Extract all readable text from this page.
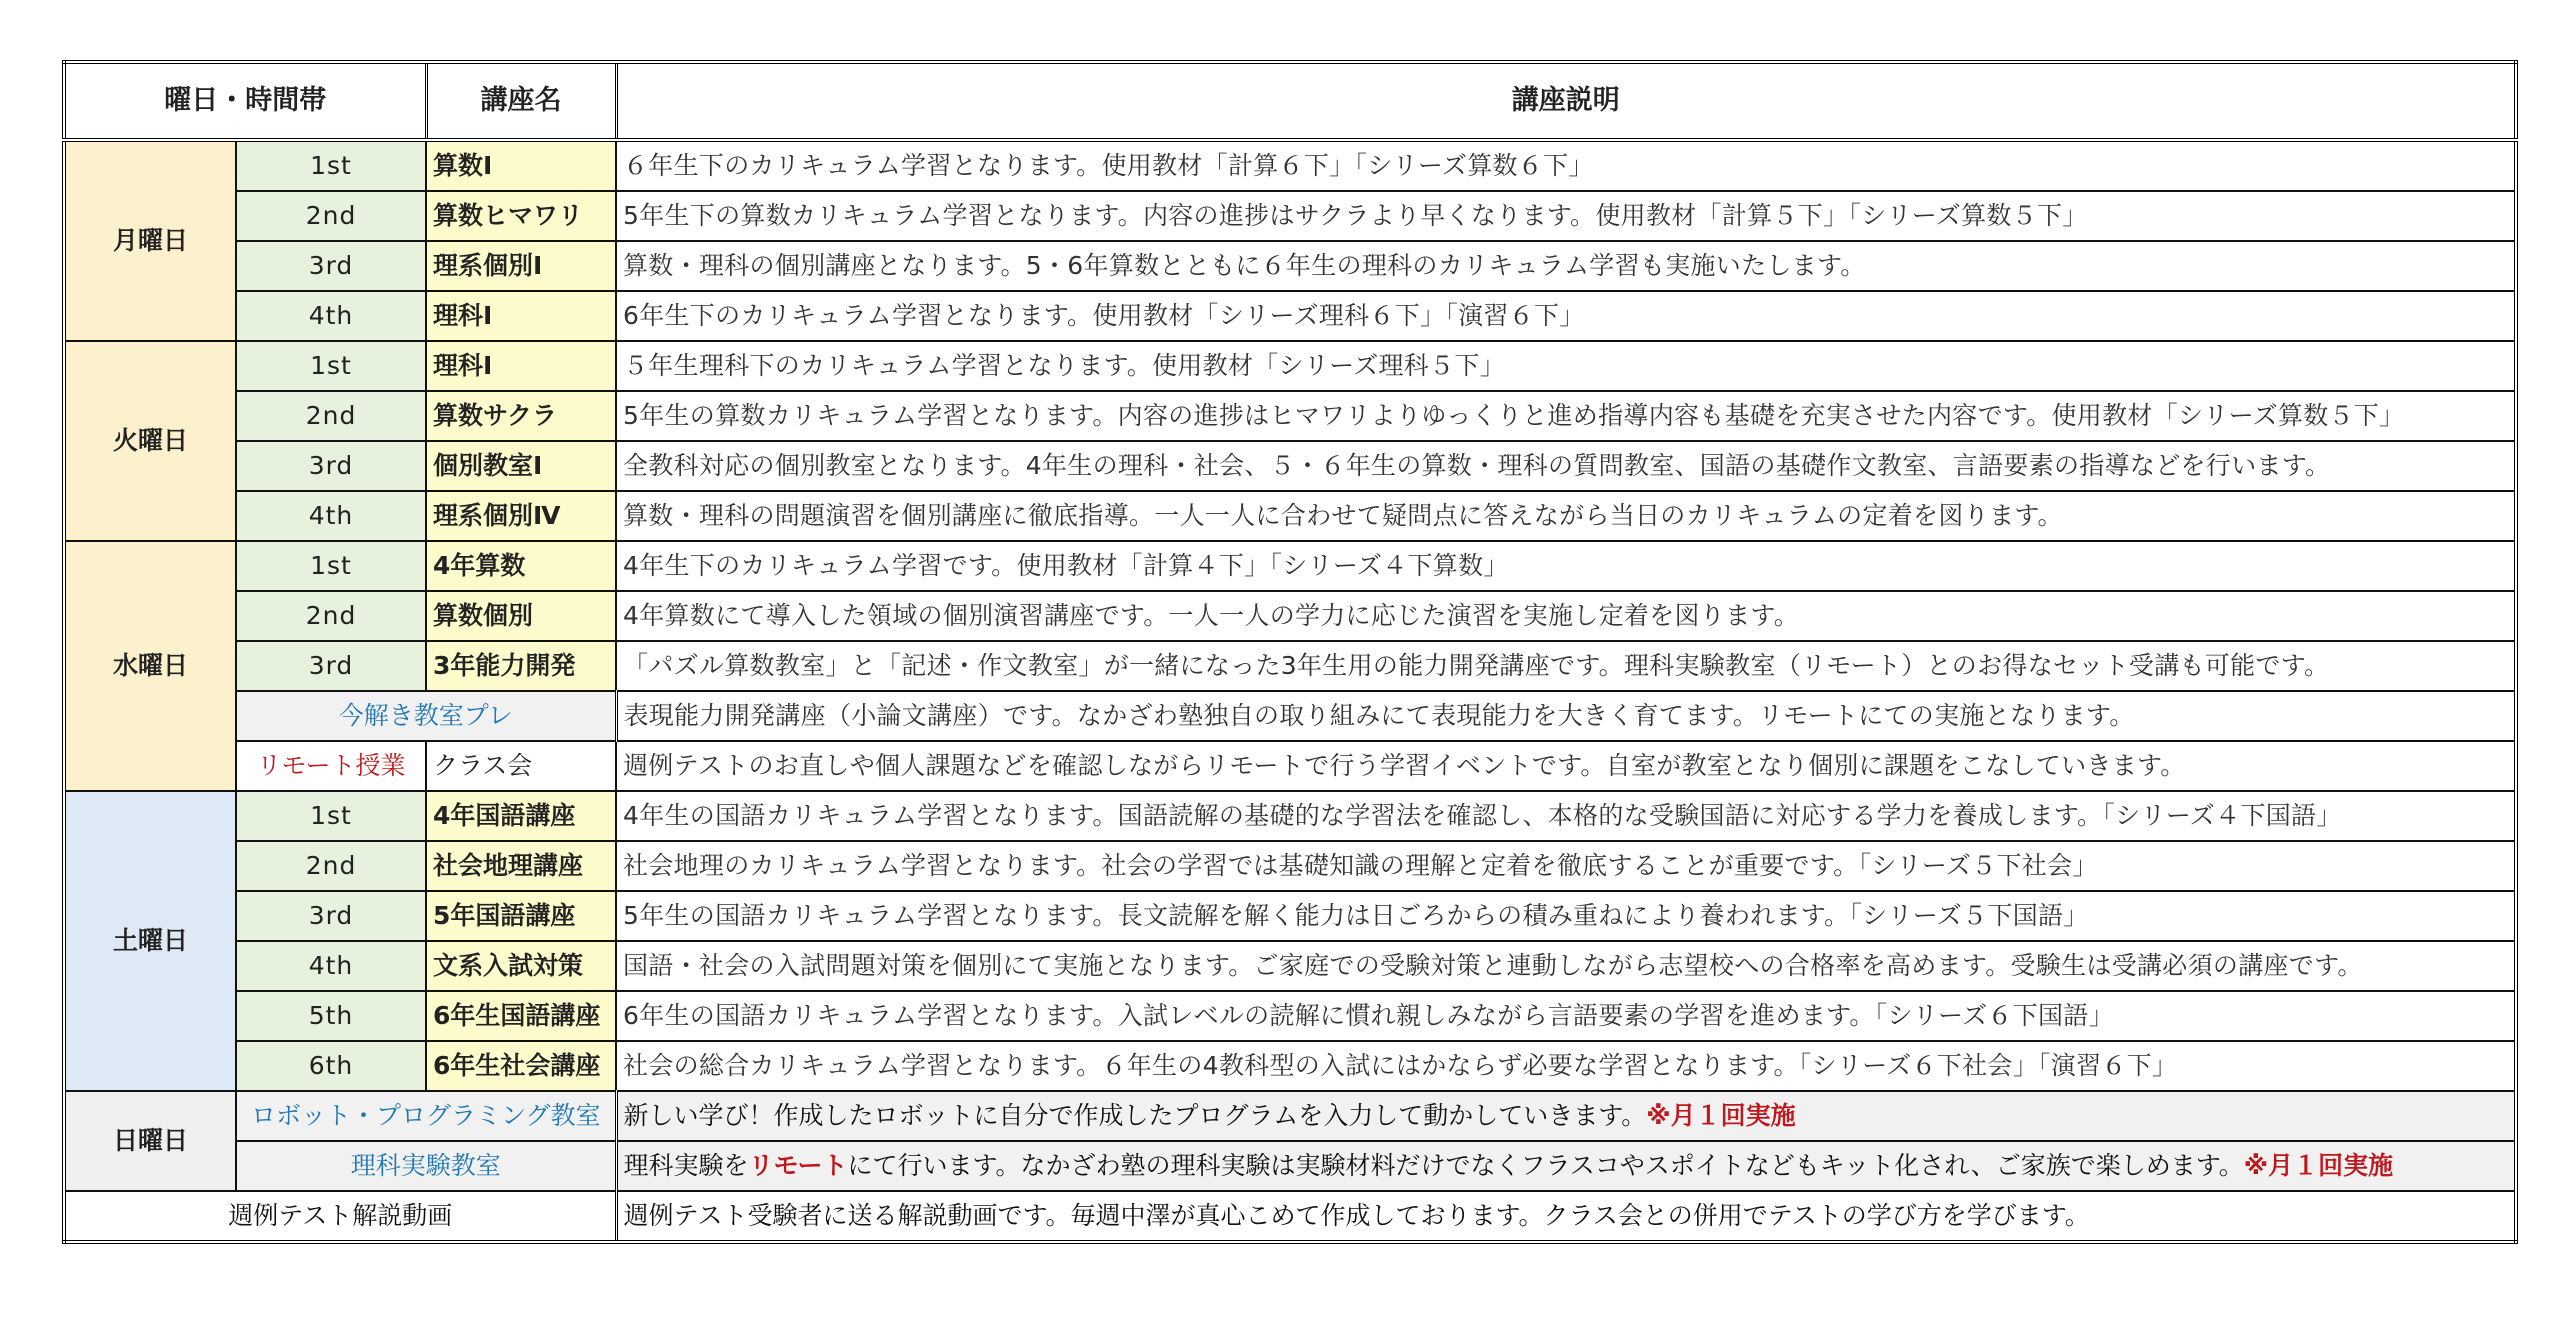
曜日・時間帯		講座名	講座説明
月曜日	1st	算数Ⅰ	６年生下のカリキュラム学習となります。使用教材「計算６下」「シリーズ算数６下」
	2nd	算数ヒマワリ	5年生下の算数カリキュラム学習となります。内容の進捗はサクラより早くなります。使用教材「計算５下」「シリーズ算数５下」
	3rd	理系個別Ⅰ	算数・理科の個別講座となります。5・6年算数とともに６年生の理科のカリキュラム学習も実施いたします。
	4th	理科Ⅰ	6年生下のカリキュラム学習となります。使用教材「シリーズ理科６下」「演習６下」
火曜日	1st	理科Ⅰ	５年生理科下のカリキュラム学習となります。使用教材「シリーズ理科５下」
	2nd	算数サクラ	5年生の算数カリキュラム学習となります。内容の進捗はヒマワリよりゆっくりと進め指導内容も基礎を充実させた内容です。使用教材「シリーズ算数５下」
	3rd	個別教室Ⅰ	全教科対応の個別教室となります。4年生の理科・社会、５・６年生の算数・理科の質問教室、国語の基礎作文教室、言語要素の指導などを行います。
	4th	理系個別Ⅳ	算数・理科の問題演習を個別講座に徹底指導。一人一人に合わせて疑問点に答えながら当日のカリキュラムの定着を図ります。
水曜日	1st	4年算数	4年生下のカリキュラム学習です。使用教材「計算４下」「シリーズ４下算数」
	2nd	算数個別	4年算数にて導入した領域の個別演習講座です。一人一人の学力に応じた演習を実施し定着を図ります。
	3rd	3年能力開発	「パズル算数教室」と「記述・作文教室」が一緒になった3年生用の能力開発講座です。理科実験教室（リモート）とのお得なセット受講も可能です。
	今解き教室プレ		表現能力開発講座（小論文講座）です。なかざわ塾独自の取り組みにて表現能力を大きく育てます。リモートにての実施となります。
	リモート授業	クラス会	週例テストのお直しや個人課題などを確認しながらリモートで行う学習イベントです。自室が教室となり個別に課題をこなしていきます。
土曜日	1st	4年国語講座	4年生の国語カリキュラム学習となります。国語読解の基礎的な学習法を確認し、本格的な受験国語に対応する学力を養成します。「シリーズ４下国語」
	2nd	社会地理講座	社会地理のカリキュラム学習となります。社会の学習では基礎知識の理解と定着を徹底することが重要です。「シリーズ５下社会」
	3rd	5年国語講座	5年生の国語カリキュラム学習となります。長文読解を解く能力は日ごろからの積み重ねにより養われます。「シリーズ５下国語」
	4th	文系入試対策	国語・社会の入試問題対策を個別にて実施となります。ご家庭での受験対策と連動しながら志望校への合格率を高めます。受験生は受講必須の講座です。
	5th	6年生国語講座	6年生の国語カリキュラム学習となります。入試レベルの読解に慣れ親しみながら言語要素の学習を進めます。「シリーズ６下国語」
	6th	6年生社会講座	社会の総合カリキュラム学習となります。６年生の4教科型の入試にはかならず必要な学習となります。「シリーズ６下社会」「演習６下」
日曜日	ロボット・プログラミング教室		新しい学び！作成したロボットに自分で作成したプログラムを入力して動かしていきます。※月１回実施
	理科実験教室		理科実験をリモートにて行います。なかざわ塾の理科実験は実験材料だけでなくフラスコやスポイトなどもキット化され、ご家族で楽しめます。※月１回実施
週例テスト解説動画			週例テスト受験者に送る解説動画です。毎週中澤が真心こめて作成しております。クラス会との併用でテストの学び方を学びます。
